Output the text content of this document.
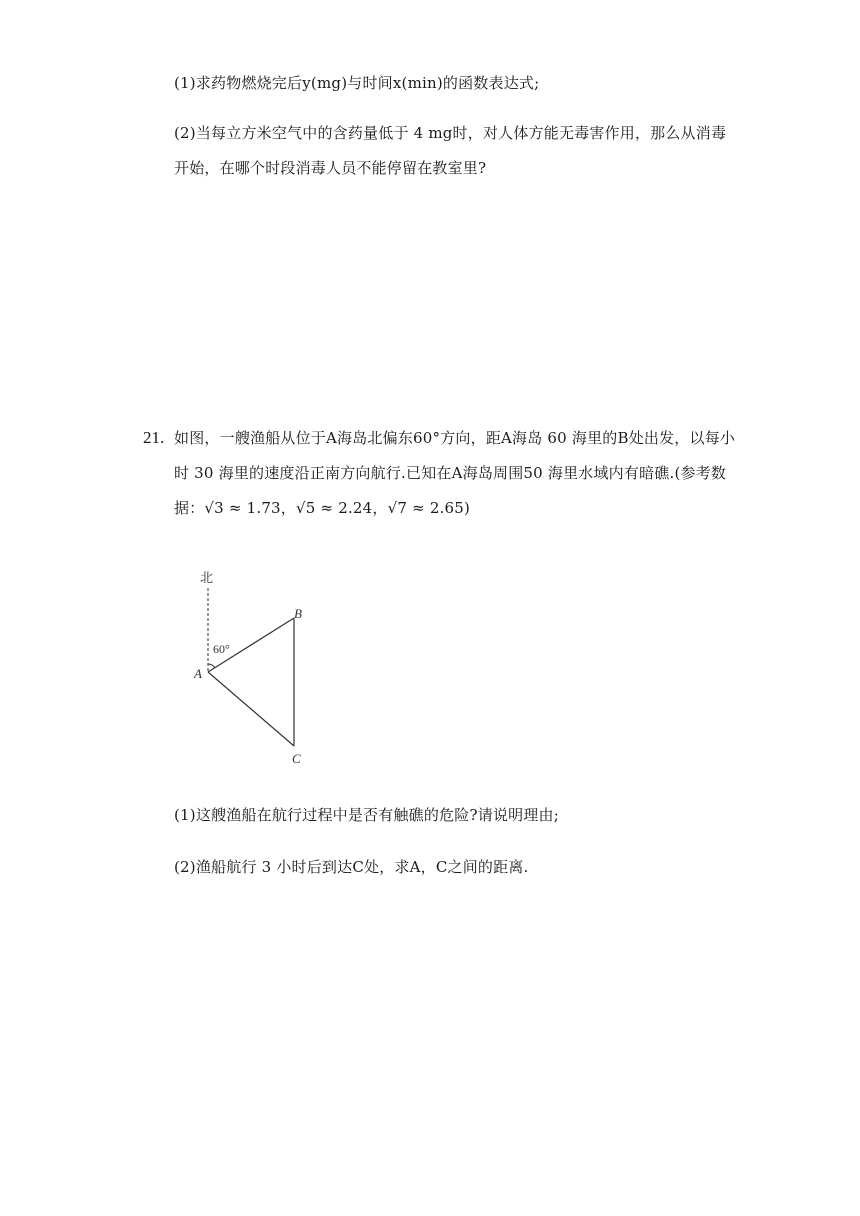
(1)求药物燃烧完后y(mg)与时间x(min)的函数表达式;
(2)当每立方米空气中的含药量低于 4 mg时，对人体方能无毒害作用，那么从消毒
开始，在哪个时段消毒人员不能停留在教室里?
21. 如图，一艘渔船从位于A海岛北偏东60°方向，距A海岛 60 海里的B处出发，以每小
时 30 海里的速度沿正南方向航行.已知在A海岛周围50 海里水域内有暗礁.(参考数
据：√3 ≈ 1.73，√5 ≈ 2.24，√7 ≈ 2.65)
北
60°
A
B
C
(1)这艘渔船在航行过程中是否有触礁的危险?请说明理由;
(2)渔船航行 3 小时后到达C处，求A，C之间的距离.
